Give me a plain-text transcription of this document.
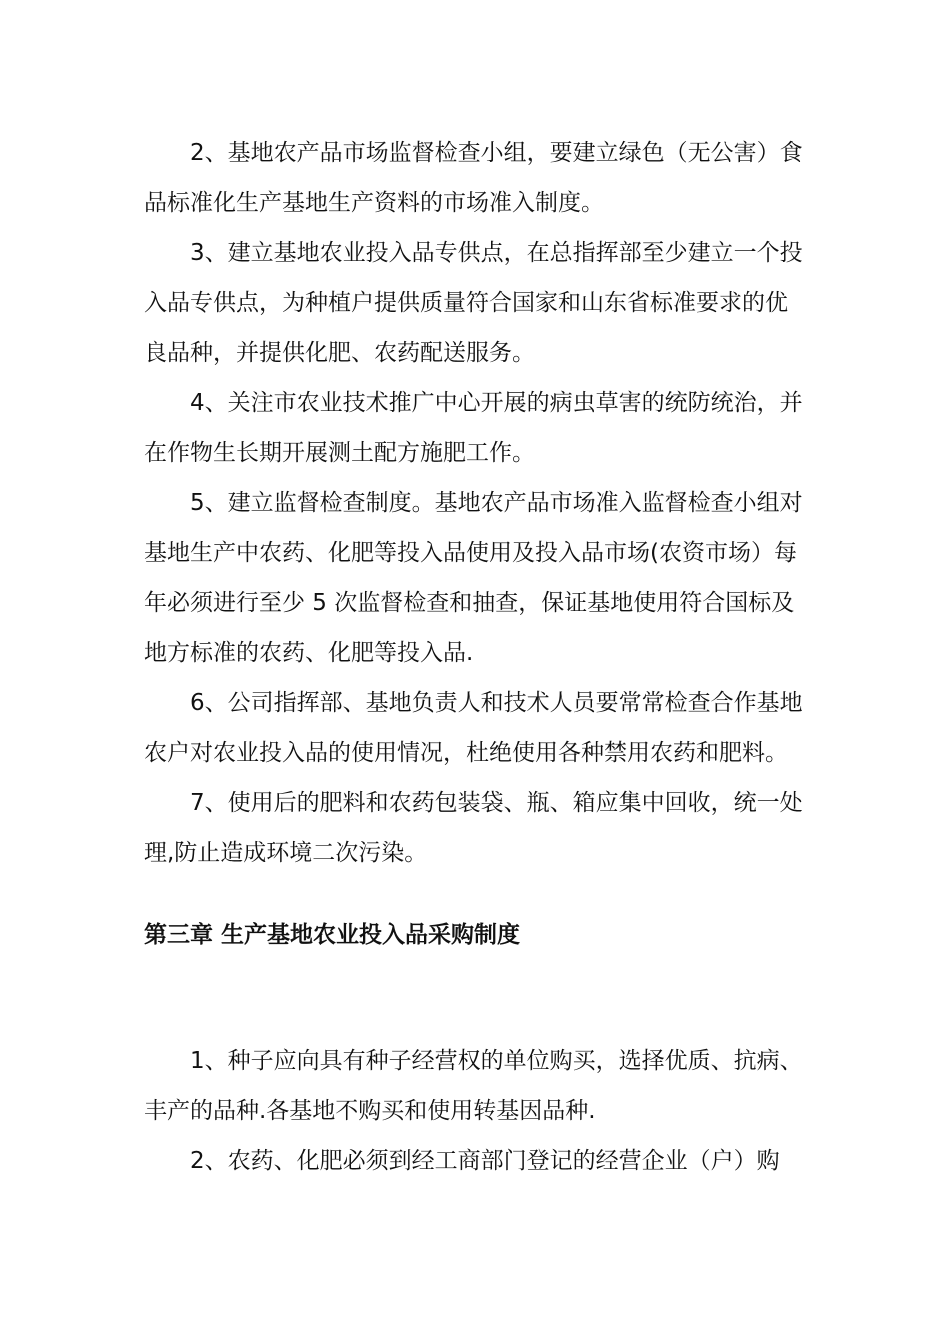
2、基地农产品市场监督检查小组，要建立绿色（无公害）食品标准化生产基地生产资料的市场准入制度。

3、建立基地农业投入品专供点，在总指挥部至少建立一个投入品专供点，为种植户提供质量符合国家和山东省标准要求的优良品种，并提供化肥、农药配送服务。

4、关注市农业技术推广中心开展的病虫草害的统防统治，并在作物生长期开展测土配方施肥工作。

5、建立监督检查制度。基地农产品市场准入监督检查小组对基地生产中农药、化肥等投入品使用及投入品市场(农资市场）每年必须进行至少 5 次监督检查和抽查，保证基地使用符合国标及地方标准的农药、化肥等投入品.

6、公司指挥部、基地负责人和技术人员要常常检查合作基地农户对农业投入品的使用情况，杜绝使用各种禁用农药和肥料。

7、使用后的肥料和农药包装袋、瓶、箱应集中回收，统一处理,防止造成环境二次污染。

第三章 生产基地农业投入品采购制度

1、种子应向具有种子经营权的单位购买，选择优质、抗病、丰产的品种.各基地不购买和使用转基因品种.

2、农药、化肥必须到经工商部门登记的经营企业（户）购
